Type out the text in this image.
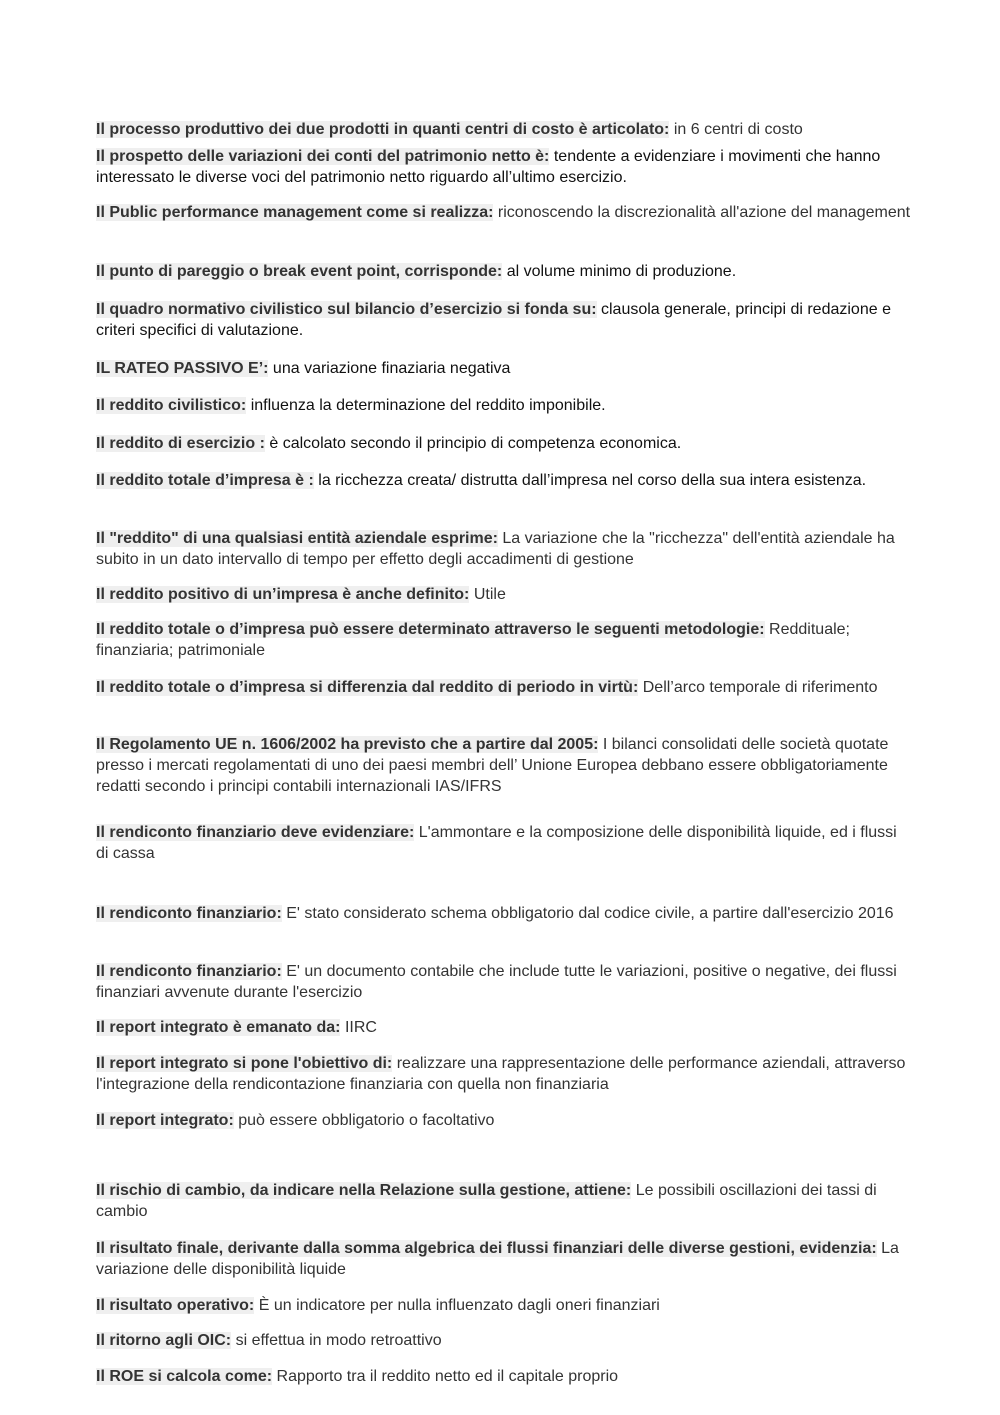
Il processo produttivo dei due prodotti in quanti centri di costo è articolato: in 6 centri di costo

Il prospetto delle variazioni dei conti del patrimonio netto è: tendente a evidenziare i movimenti che hanno interessato le diverse voci del patrimonio netto riguardo all’ultimo esercizio.

Il Public performance management come si realizza: riconoscendo la discrezionalità all'azione del management

Il punto di pareggio o break event point, corrisponde: al volume minimo di produzione.

Il quadro normativo civilistico sul bilancio d’esercizio si fonda su: clausola generale, principi di redazione e criteri specifici di valutazione.

IL RATEO PASSIVO E’: una variazione finaziaria negativa

Il reddito civilistico: influenza la determinazione del reddito imponibile.

Il reddito di esercizio : è calcolato secondo il principio di competenza economica.

Il reddito totale d’impresa è : la ricchezza creata/ distrutta dall’impresa nel corso della sua intera esistenza.

Il "reddito" di una qualsiasi entità aziendale esprime: La variazione che la "ricchezza" dell'entità aziendale ha subito in un dato intervallo di tempo per effetto degli accadimenti di gestione

Il reddito positivo di un’impresa è anche definito: Utile

Il reddito totale o d’impresa può essere determinato attraverso le seguenti metodologie: Reddituale; finanziaria; patrimoniale

Il reddito totale o d’impresa si differenzia dal reddito di periodo in virtù: Dell’arco temporale di riferimento

Il Regolamento UE n. 1606/2002 ha previsto che a partire dal 2005: I bilanci consolidati delle società quotate presso i mercati regolamentati di uno dei paesi membri dell’ Unione Europea debbano essere obbligatoriamente redatti secondo i principi contabili internazionali IAS/IFRS

Il rendiconto finanziario deve evidenziare: L'ammontare e la composizione delle disponibilità liquide, ed i flussi di cassa

Il rendiconto finanziario: E' stato considerato schema obbligatorio dal codice civile, a partire dall'esercizio 2016

Il rendiconto finanziario: E' un documento contabile che include tutte le variazioni, positive o negative, dei flussi finanziari avvenute durante l'esercizio

Il report integrato è emanato da: IIRC

Il report integrato si pone l'obiettivo di: realizzare una rappresentazione delle performance aziendali, attraverso l'integrazione della rendicontazione finanziaria con quella non finanziaria

Il report integrato: può essere obbligatorio o facoltativo

Il rischio di cambio, da indicare nella Relazione sulla gestione, attiene: Le possibili oscillazioni dei tassi di cambio

Il risultato finale, derivante dalla somma algebrica dei flussi finanziari delle diverse gestioni, evidenzia: La variazione delle disponibilità liquide

Il risultato operativo: È un indicatore per nulla influenzato dagli oneri finanziari

Il ritorno agli OIC: si effettua in modo retroattivo

Il ROE si calcola come: Rapporto tra il reddito netto ed il capitale proprio
